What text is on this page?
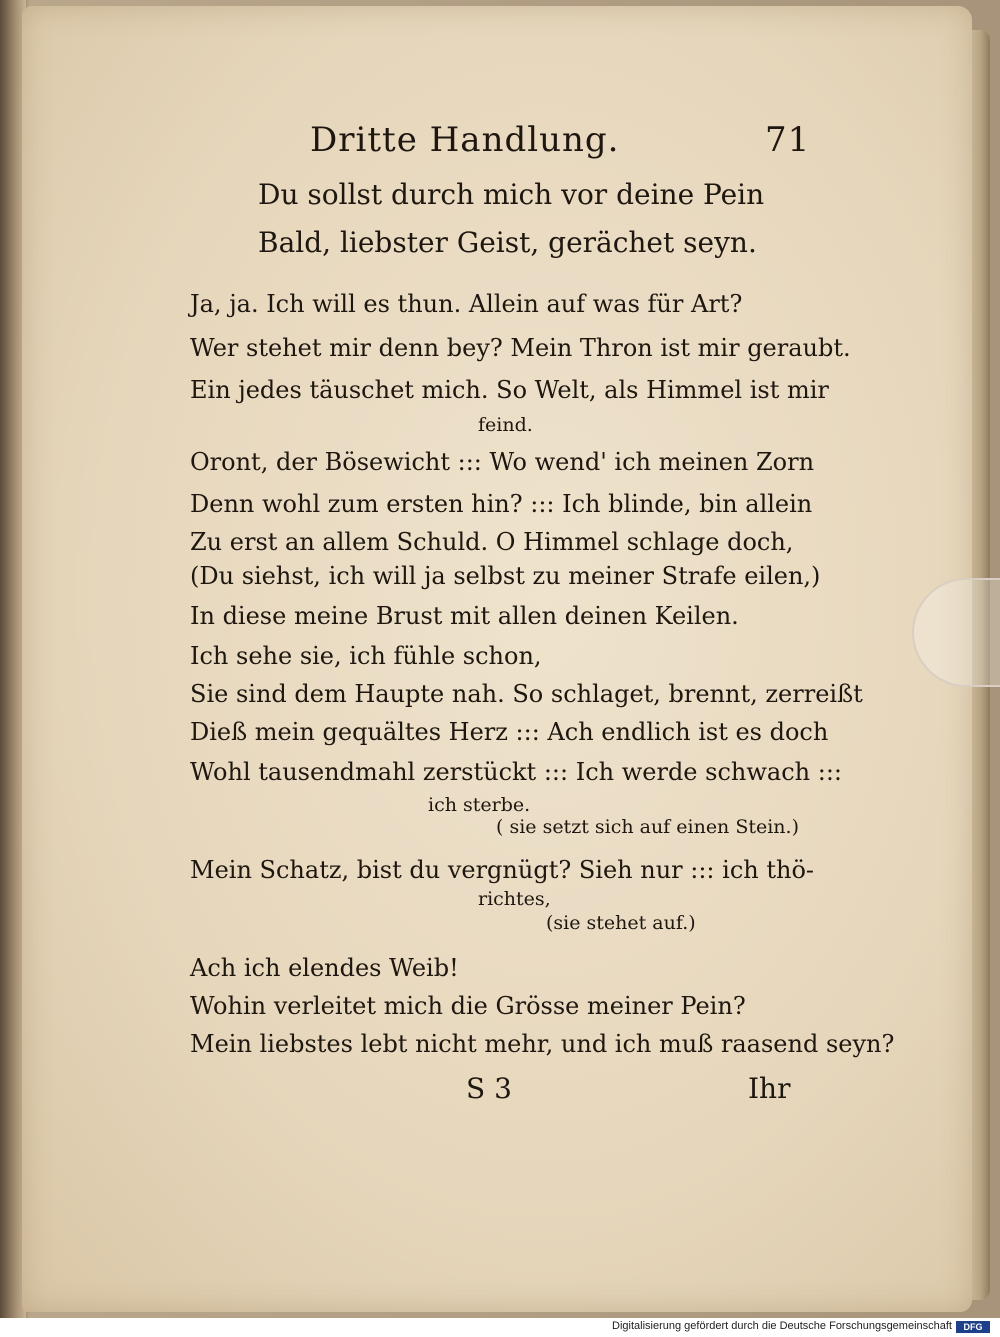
Dritte Handlung.	71
Du sollst durch mich vor deine Pein
Bald, liebster Geist, gerächet seyn.
Ja, ja. Ich will es thun. Allein auf was für Art?
Wer stehet mir denn bey? Mein Thron ist mir geraubt.
Ein jedes täuschet mich. So Welt, als Himmel ist mir
feind.
Oront, der Bösewicht ::: Wo wend' ich meinen Zorn
Denn wohl zum ersten hin? ::: Ich blinde, bin allein
Zu erst an allem Schuld. O Himmel schlage doch,
(Du siehst, ich will ja selbst zu meiner Strafe eilen,)
In diese meine Brust mit allen deinen Keilen.
Ich sehe sie, ich fühle schon,
Sie sind dem Haupte nah. So schlaget, brennt, zerreißt
Dieß mein gequältes Herz ::: Ach endlich ist es doch
Wohl tausendmahl zerstückt ::: Ich werde schwach :::
ich sterbe.
( sie setzt sich auf einen Stein.)
Mein Schatz, bist du vergnügt? Sieh nur ::: ich thö-
richtes,
(sie stehet auf.)
Ach ich elendes Weib!
Wohin verleitet mich die Grösse meiner Pein?
Mein liebstes lebt nicht mehr, und ich muß raasend seyn?
S 3	Ihr
Digitalisierung gefördert durch die Deutsche Forschungsgemeinschaft	DFG
